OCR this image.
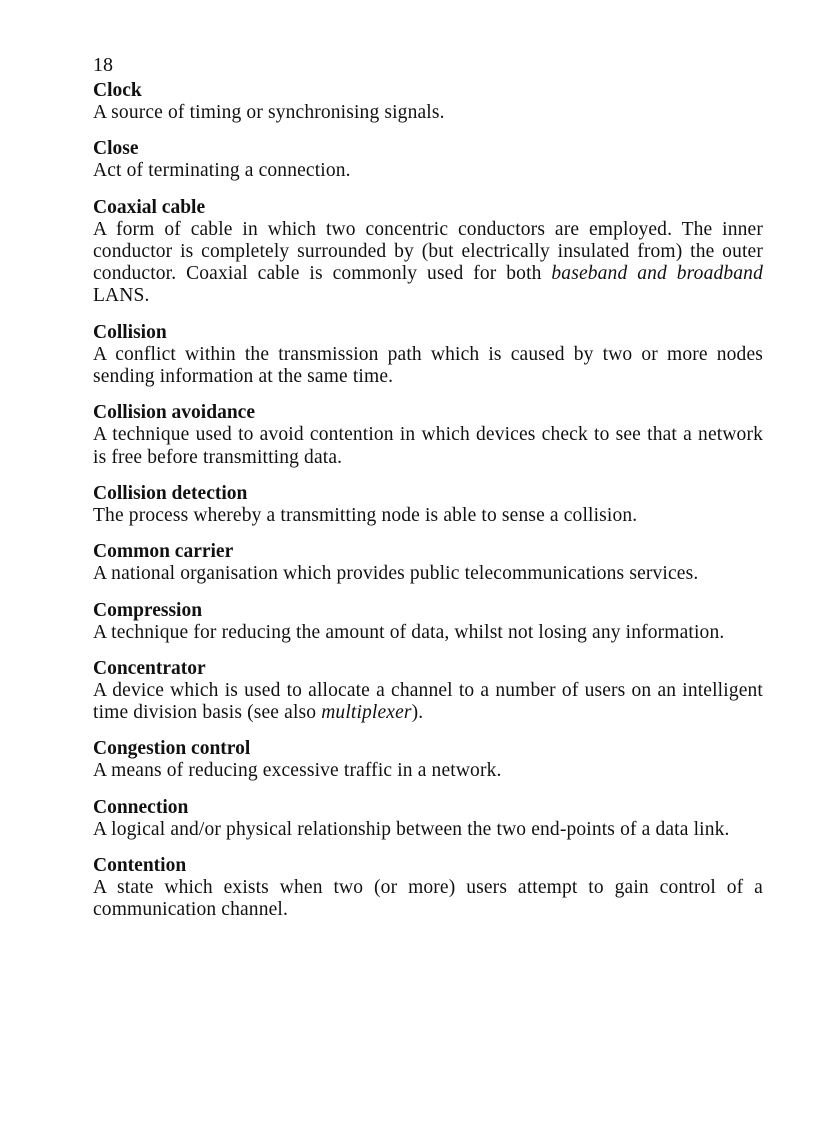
18
Clock
A source of timing or synchronising signals.
Close
Act of terminating a connection.
Coaxial cable
A form of cable in which two concentric conductors are employed. The inner conductor is completely surrounded by (but electrically insulated from) the outer conductor. Coaxial cable is commonly used for both baseband and broadband LANS.
Collision
A conflict within the transmission path which is caused by two or more nodes sending information at the same time.
Collision avoidance
A technique used to avoid contention in which devices check to see that a network is free before transmitting data.
Collision detection
The process whereby a transmitting node is able to sense a collision.
Common carrier
A national organisation which provides public telecommunications services.
Compression
A technique for reducing the amount of data, whilst not losing any information.
Concentrator
A device which is used to allocate a channel to a number of users on an intelligent time division basis (see also multiplexer).
Congestion control
A means of reducing excessive traffic in a network.
Connection
A logical and/or physical relationship between the two end-points of a data link.
Contention
A state which exists when two (or more) users attempt to gain control of a communication channel.
